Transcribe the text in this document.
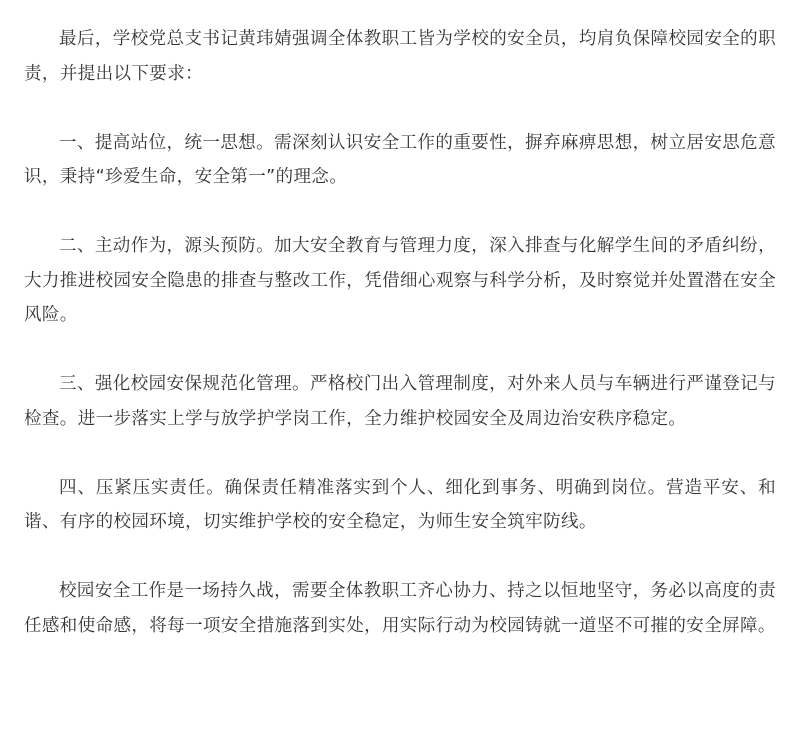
最后，学校党总支书记黄玮婧强调全体教职工皆为学校的安全员，均肩负保障校园安全的职责，并提出以下要求：

一、提高站位，统一思想。需深刻认识安全工作的重要性，摒弃麻痹思想，树立居安思危意识，秉持“珍爱生命，安全第一”的理念。

二、主动作为，源头预防。加大安全教育与管理力度，深入排查与化解学生间的矛盾纠纷，大力推进校园安全隐患的排查与整改工作，凭借细心观察与科学分析，及时察觉并处置潜在安全风险。

三、强化校园安保规范化管理。严格校门出入管理制度，对外来人员与车辆进行严谨登记与检查。进一步落实上学与放学护学岗工作，全力维护校园安全及周边治安秩序稳定。

四、压紧压实责任。确保责任精准落实到个人、细化到事务、明确到岗位。营造平安、和谐、有序的校园环境，切实维护学校的安全稳定，为师生安全筑牢防线。

校园安全工作是一场持久战，需要全体教职工齐心协力、持之以恒地坚守，务必以高度的责任感和使命感，将每一项安全措施落到实处，用实际行动为校园铸就一道坚不可摧的安全屏障。
